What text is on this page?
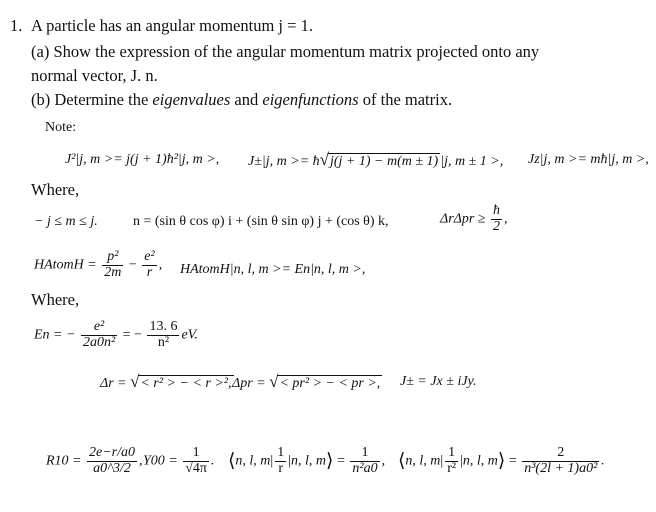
1. A particle has an angular momentum j = 1.
(a) Show the expression of the angular momentum matrix projected onto any
normal vector, J. n.
(b) Determine the eigenvalues and eigenfunctions of the matrix.
Note:
J²|j, m >= j(j + 1)ħ²|j, m >, J±|j, m >= ħ√j(j + 1) − m(m ± 1) |j, m ± 1 >, Jz|j, m >= mħ|j, m >,
Where,
− j ≤ m ≤ j.	n = (sin θ cos φ) i + (sin θ sin φ) j + (cos θ) k,	$\Delta r\Delta pr \ge \frac{ħ}{2}$ ,
HAtomH = $\frac{\text{p²}}{2m} - \frac{\text{e²}}{r}$ , HAtomH|n, l, m >= En|n, l, m >,
Where,
En = − $\frac{\text{e²}}{\text{2a0n²}}$ = − $\frac{13. 6}{\text{n²}}$ eV.
Δr = √< r² > − < r >², Δpr = √< pr² > − < pr >, J± = Jx ± iJy.
$R10 = \frac{2e-r/a0}{a0\^{}3/2}$ , $Y00 = \frac{1}{√4\pi}$ . ⟨n, l, $m| \frac{1}{r} |n$, l, m⟩ = $\frac{1}{\text{n²a0}}$ , ⟨n, l, $m| \frac{1}{\text{r²}} |n$, l, m⟩ = $\frac{2}{\text{n³(2l + 1)a0²}}$ .
